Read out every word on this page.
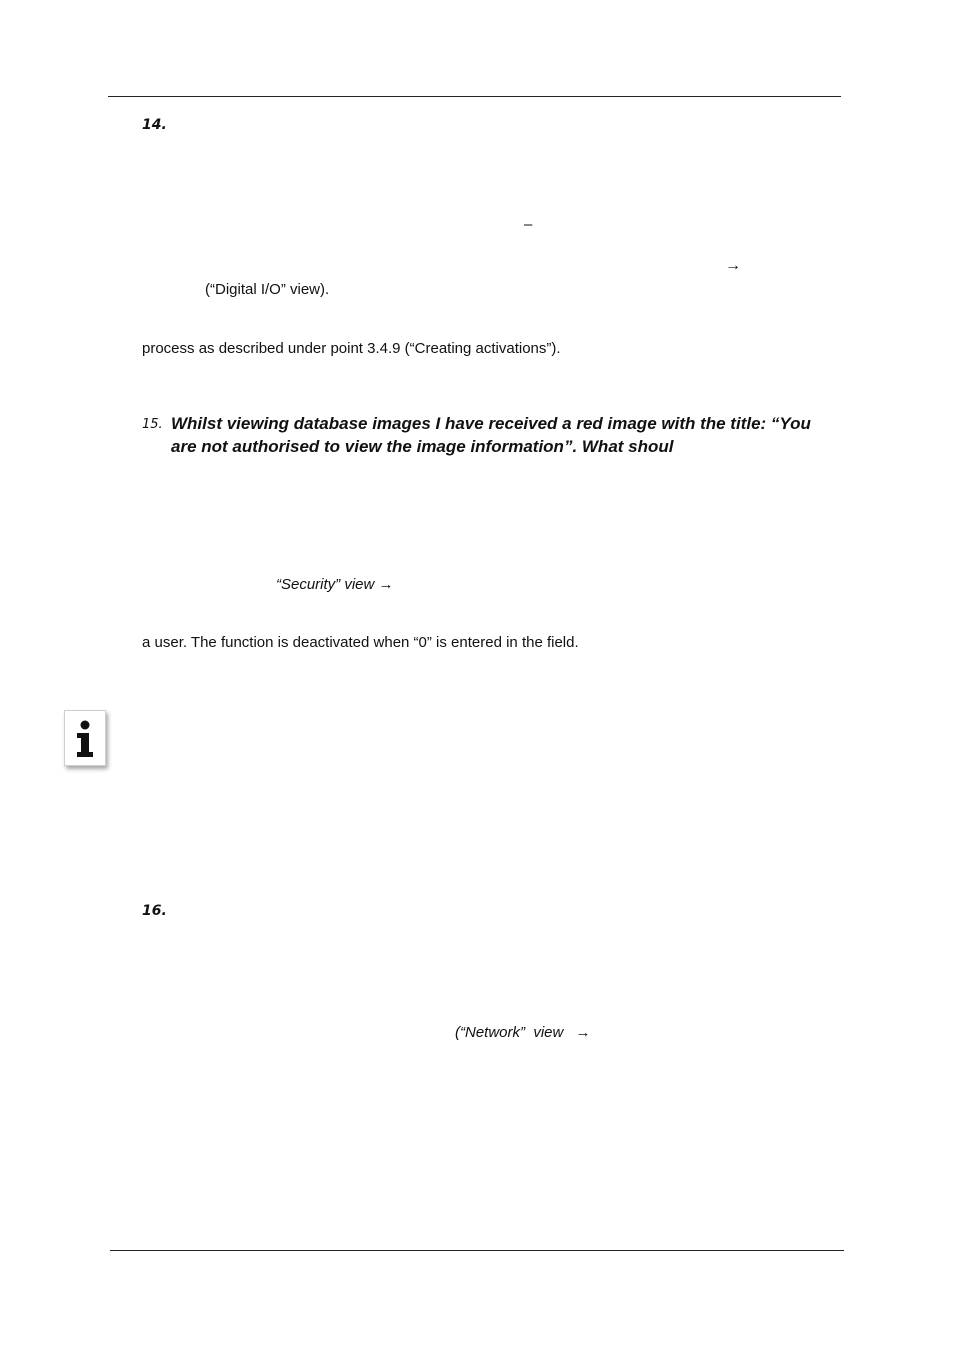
14.
–
→
(“Digital I/O” view).
process as described under point 3.4.9 (“Creating activations”).
15. Whilst viewing database images I have received a red image with the title: “You
are not authorised to view the image information”. What shoul
“Security” view →
a user. The function is deactivated when “0” is entered in the field.
16.
(“Network”  view →
